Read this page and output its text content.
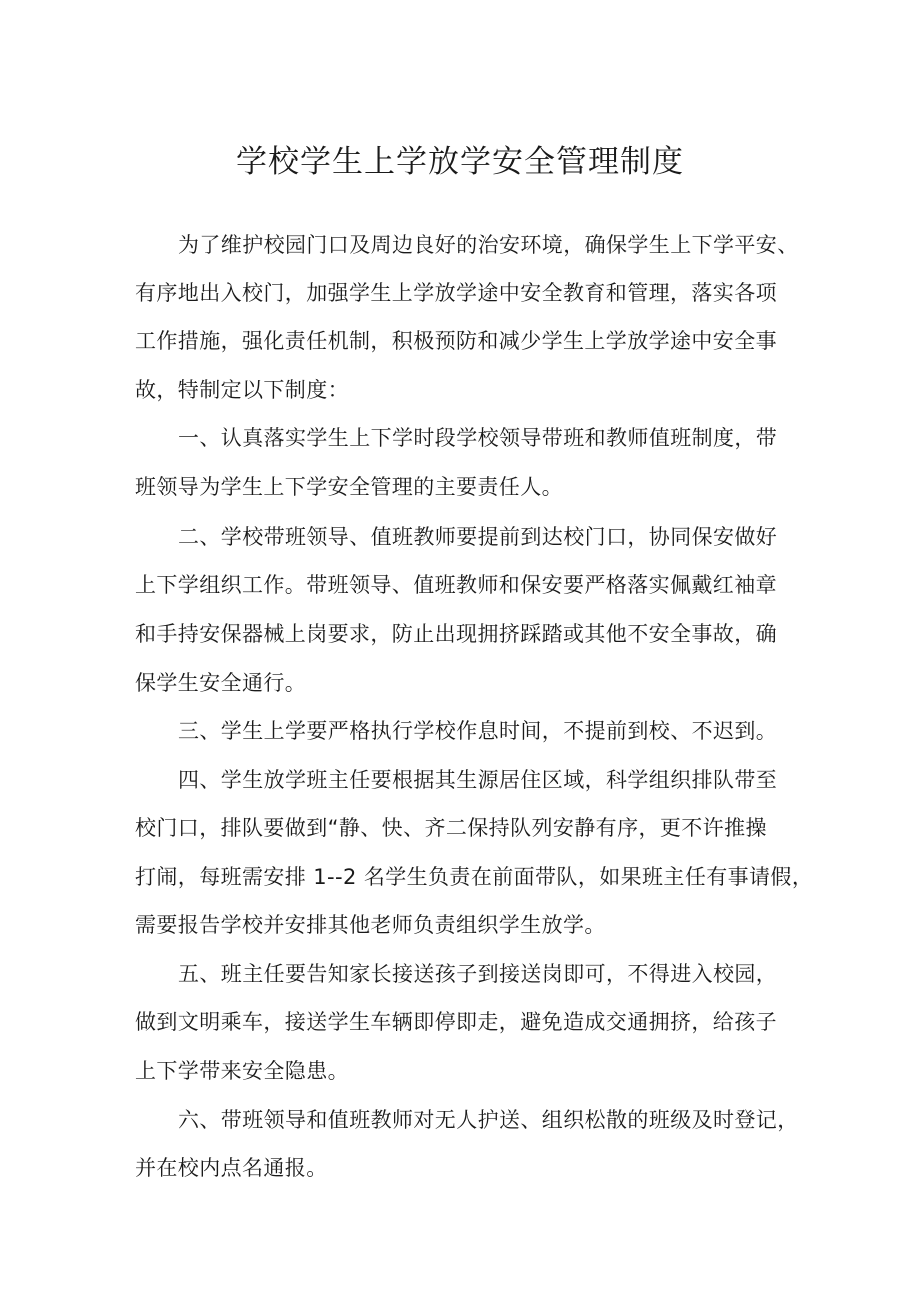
学校学生上学放学安全管理制度

为了维护校园门口及周边良好的治安环境，确保学生上下学平安、

有序地出入校门，加强学生上学放学途中安全教育和管理，落实各项

工作措施，强化责任机制，积极预防和减少学生上学放学途中安全事

故，特制定以下制度：

一、认真落实学生上下学时段学校领导带班和教师值班制度，带

班领导为学生上下学安全管理的主要责任人。

二、学校带班领导、值班教师要提前到达校门口，协同保安做好

上下学组织工作。带班领导、值班教师和保安要严格落实佩戴红袖章

和手持安保器械上岗要求，防止出现拥挤踩踏或其他不安全事故，确

保学生安全通行。

三、学生上学要严格执行学校作息时间，不提前到校、不迟到。

四、学生放学班主任要根据其生源居住区域，科学组织排队带至

校门口，排队要做到“静、快、齐二保持队列安静有序，更不许推操

打闹，每班需安排 1--2 名学生负责在前面带队，如果班主任有事请假，

需要报告学校并安排其他老师负责组织学生放学。

五、班主任要告知家长接送孩子到接送岗即可，不得进入校园，

做到文明乘车，接送学生车辆即停即走，避免造成交通拥挤，给孩子

上下学带来安全隐患。

六、带班领导和值班教师对无人护送、组织松散的班级及时登记，

并在校内点名通报。
